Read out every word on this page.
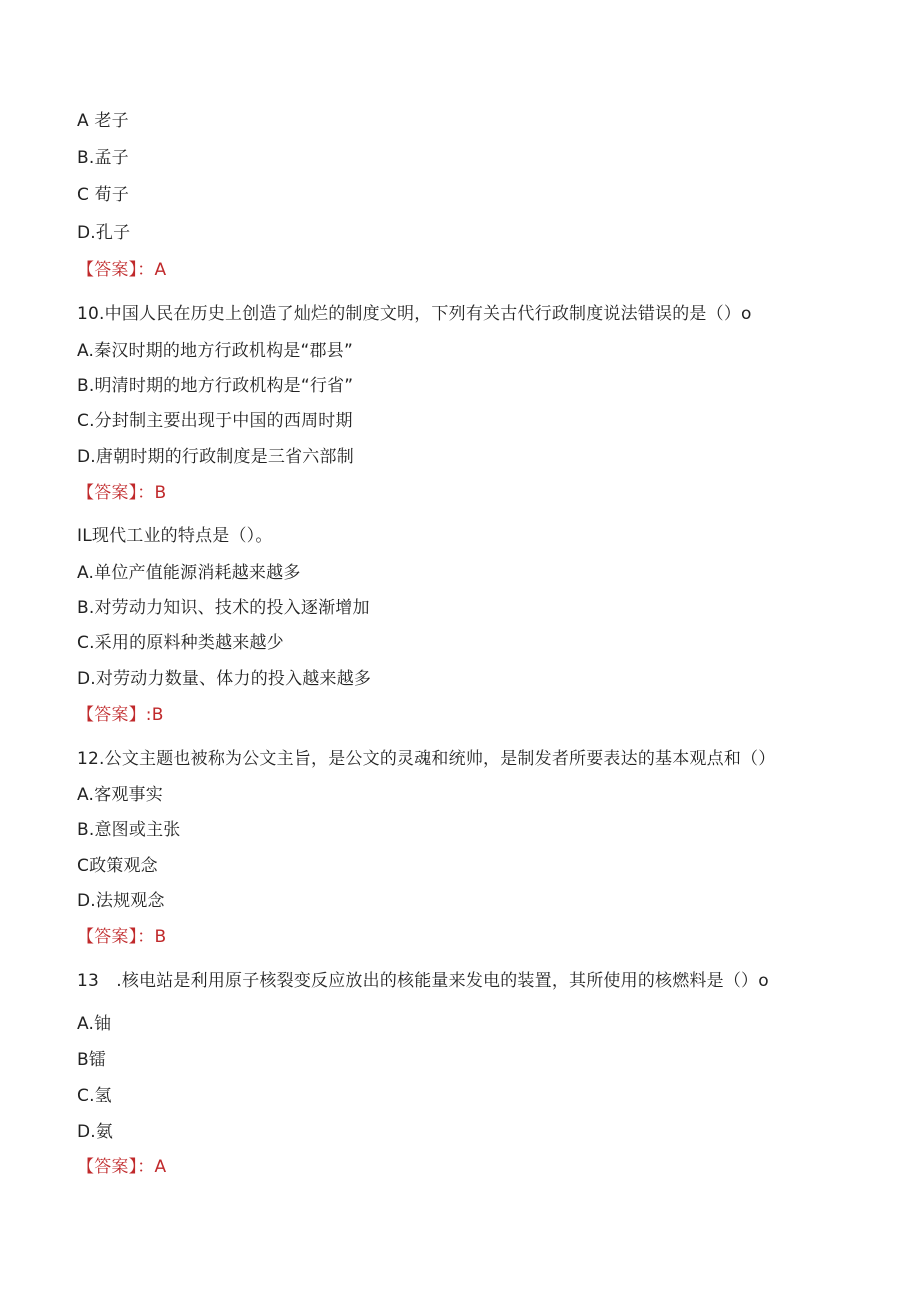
A 老子
B.孟子
C 荀子
D.孔子
【答案】：A
10.中国人民在历史上创造了灿烂的制度文明，下列有关古代行政制度说法错误的是（）o
A.秦汉时期的地方行政机构是“郡县”
B.明清时期的地方行政机构是“行省”
C.分封制主要出现于中国的西周时期
D.唐朝时期的行政制度是三省六部制
【答案】：B
IL现代工业的特点是（）。
A.单位产值能源消耗越来越多
B.对劳动力知识、技术的投入逐渐增加
C.采用的原料种类越来越少
D.对劳动力数量、体力的投入越来越多
【答案】:B
12.公文主题也被称为公文主旨，是公文的灵魂和统帅，是制发者所要表达的基本观点和（）
A.客观事实
B.意图或主张
C政策观念
D.法规观念
【答案】：B
13　.核电站是利用原子核裂变反应放出的核能量来发电的装置，其所使用的核燃料是（）o
A.铀
B镭
C.氢
D.氨
【答案】：A
